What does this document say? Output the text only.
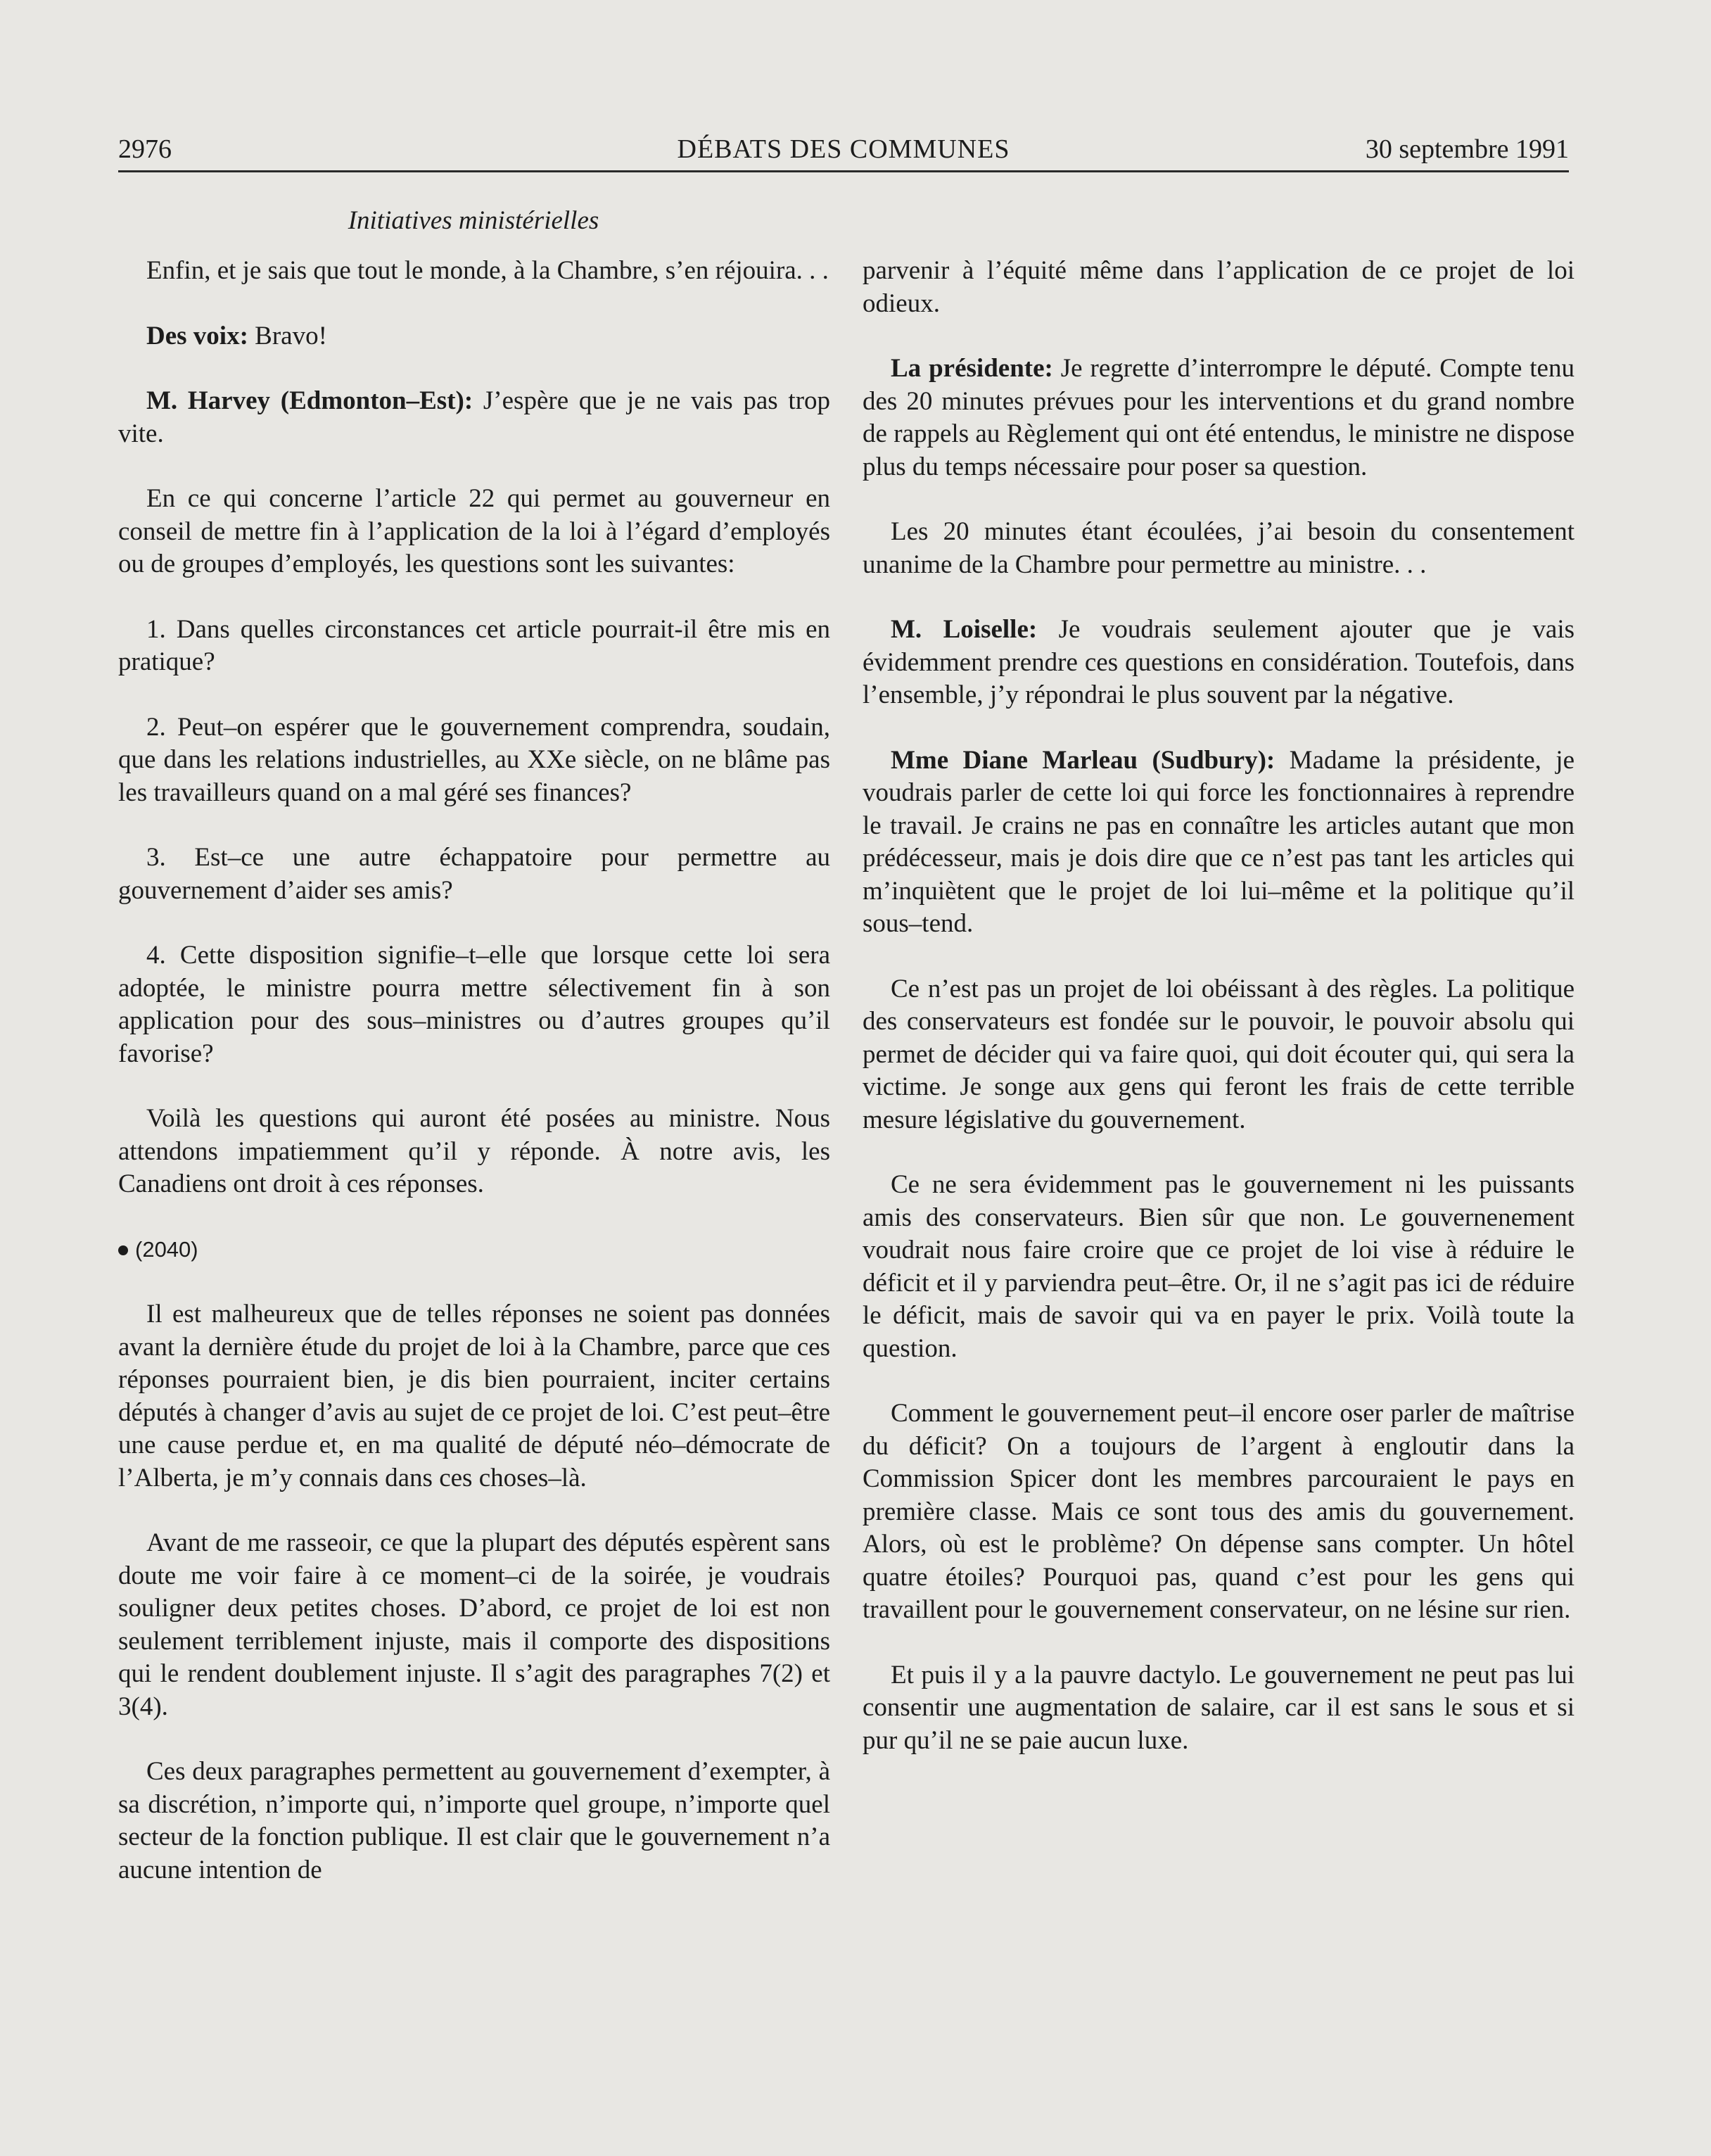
2976	DÉBATS DES COMMUNES	30 septembre 1991
Initiatives ministérielles

Enfin, et je sais que tout le monde, à la Chambre, s’en réjouira. . .

Des voix: Bravo!

M. Harvey (Edmonton–Est): J’espère que je ne vais pas trop vite.

En ce qui concerne l’article 22 qui permet au gouverneur en conseil de mettre fin à l’application de la loi à l’égard d’employés ou de groupes d’employés, les questions sont les suivantes:

1. Dans quelles circonstances cet article pourrait-il être mis en pratique?

2. Peut–on espérer que le gouvernement comprendra, soudain, que dans les relations industrielles, au XXe siècle, on ne blâme pas les travailleurs quand on a mal géré ses finances?

3. Est–ce une autre échappatoire pour permettre au gouvernement d’aider ses amis?

4. Cette disposition signifie–t–elle que lorsque cette loi sera adoptée, le ministre pourra mettre sélectivement fin à son application pour des sous–ministres ou d’autres groupes qu’il favorise?

Voilà les questions qui auront été posées au ministre. Nous attendons impatiemment qu’il y réponde. À notre avis, les Canadiens ont droit à ces réponses.

(2040)

Il est malheureux que de telles réponses ne soient pas données avant la dernière étude du projet de loi à la Chambre, parce que ces réponses pourraient bien, je dis bien pourraient, inciter certains députés à changer d’avis au sujet de ce projet de loi. C’est peut–être une cause perdue et, en ma qualité de député néo–démocrate de l’Alberta, je m’y connais dans ces choses–là.

Avant de me rasseoir, ce que la plupart des députés espèrent sans doute me voir faire à ce moment–ci de la soirée, je voudrais souligner deux petites choses. D’abord, ce projet de loi est non seulement terriblement injuste, mais il comporte des dispositions qui le rendent doublement injuste. Il s’agit des paragraphes 7(2) et 3(4).

Ces deux paragraphes permettent au gouvernement d’exempter, à sa discrétion, n’importe qui, n’importe quel groupe, n’importe quel secteur de la fonction publique. Il est clair que le gouvernement n’a aucune intention de

parvenir à l’équité même dans l’application de ce projet de loi odieux.

La présidente: Je regrette d’interrompre le député. Compte tenu des 20 minutes prévues pour les interventions et du grand nombre de rappels au Règlement qui ont été entendus, le ministre ne dispose plus du temps nécessaire pour poser sa question.

Les 20 minutes étant écoulées, j’ai besoin du consentement unanime de la Chambre pour permettre au ministre. . .

M. Loiselle: Je voudrais seulement ajouter que je vais évidemment prendre ces questions en considération. Toutefois, dans l’ensemble, j’y répondrai le plus souvent par la négative.

Mme Diane Marleau (Sudbury): Madame la présidente, je voudrais parler de cette loi qui force les fonctionnaires à reprendre le travail. Je crains ne pas en connaître les articles autant que mon prédécesseur, mais je dois dire que ce n’est pas tant les articles qui m’inquiètent que le projet de loi lui–même et la politique qu’il sous–tend.

Ce n’est pas un projet de loi obéissant à des règles. La politique des conservateurs est fondée sur le pouvoir, le pouvoir absolu qui permet de décider qui va faire quoi, qui doit écouter qui, qui sera la victime. Je songe aux gens qui feront les frais de cette terrible mesure législative du gouvernement.

Ce ne sera évidemment pas le gouvernement ni les puissants amis des conservateurs. Bien sûr que non. Le gouvernenement voudrait nous faire croire que ce projet de loi vise à réduire le déficit et il y parviendra peut–être. Or, il ne s’agit pas ici de réduire le déficit, mais de savoir qui va en payer le prix. Voilà toute la question.

Comment le gouvernement peut–il encore oser parler de maîtrise du déficit? On a toujours de l’argent à engloutir dans la Commission Spicer dont les membres parcouraient le pays en première classe. Mais ce sont tous des amis du gouvernement. Alors, où est le problème? On dépense sans compter. Un hôtel quatre étoiles? Pourquoi pas, quand c’est pour les gens qui travaillent pour le gouvernement conservateur, on ne lésine sur rien.

Et puis il y a la pauvre dactylo. Le gouvernement ne peut pas lui consentir une augmentation de salaire, car il est sans le sous et si pur qu’il ne se paie aucun luxe.
